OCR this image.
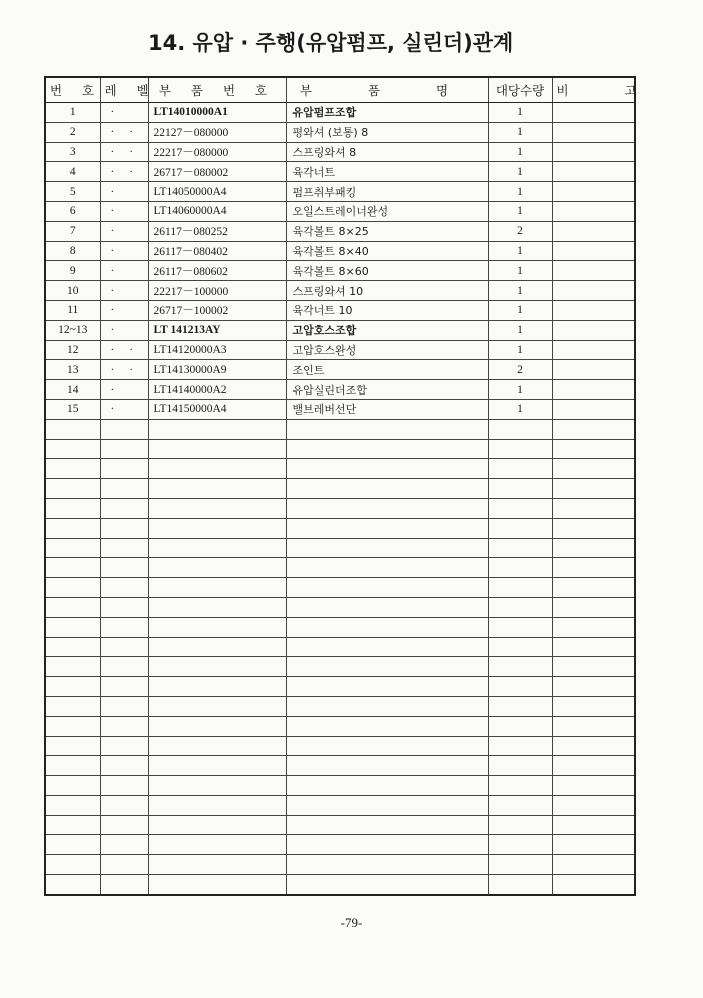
14. 유압 · 주행(유압펌프, 실린더)관계
번 호	레 벨	부 품 번 호	부 품 명	대당수량	비 고
1	·	LT14010000A1	유압펌프조합	1	
2	· ·	22127－080000	평와셔 (보통) 8	1	
3	· ·	22217－080000	스프링와셔 8	1	
4	· ·	26717－080002	육각너트	1	
5	·	LT14050000A4	펌프취부패킹	1	
6	·	LT14060000A4	오일스트레이너완성	1	
7	·	26117－080252	육각볼트 8×25	2	
8	·	26117－080402	육각볼트 8×40	1	
9	·	26117－080602	육각볼트 8×60	1	
10	·	22217－100000	스프링와셔 10	1	
11	·	26717－100002	육각너트 10	1	
12~13	·	LT 141213AY	고압호스조합	1	
12	· ·	LT14120000A3	고압호스완성	1	
13	· ·	LT14130000A9	조인트	2	
14	·	LT14140000A2	유압실린더조합	1	
15	·	LT14150000A4	밸브레버선단	1	

-79-
